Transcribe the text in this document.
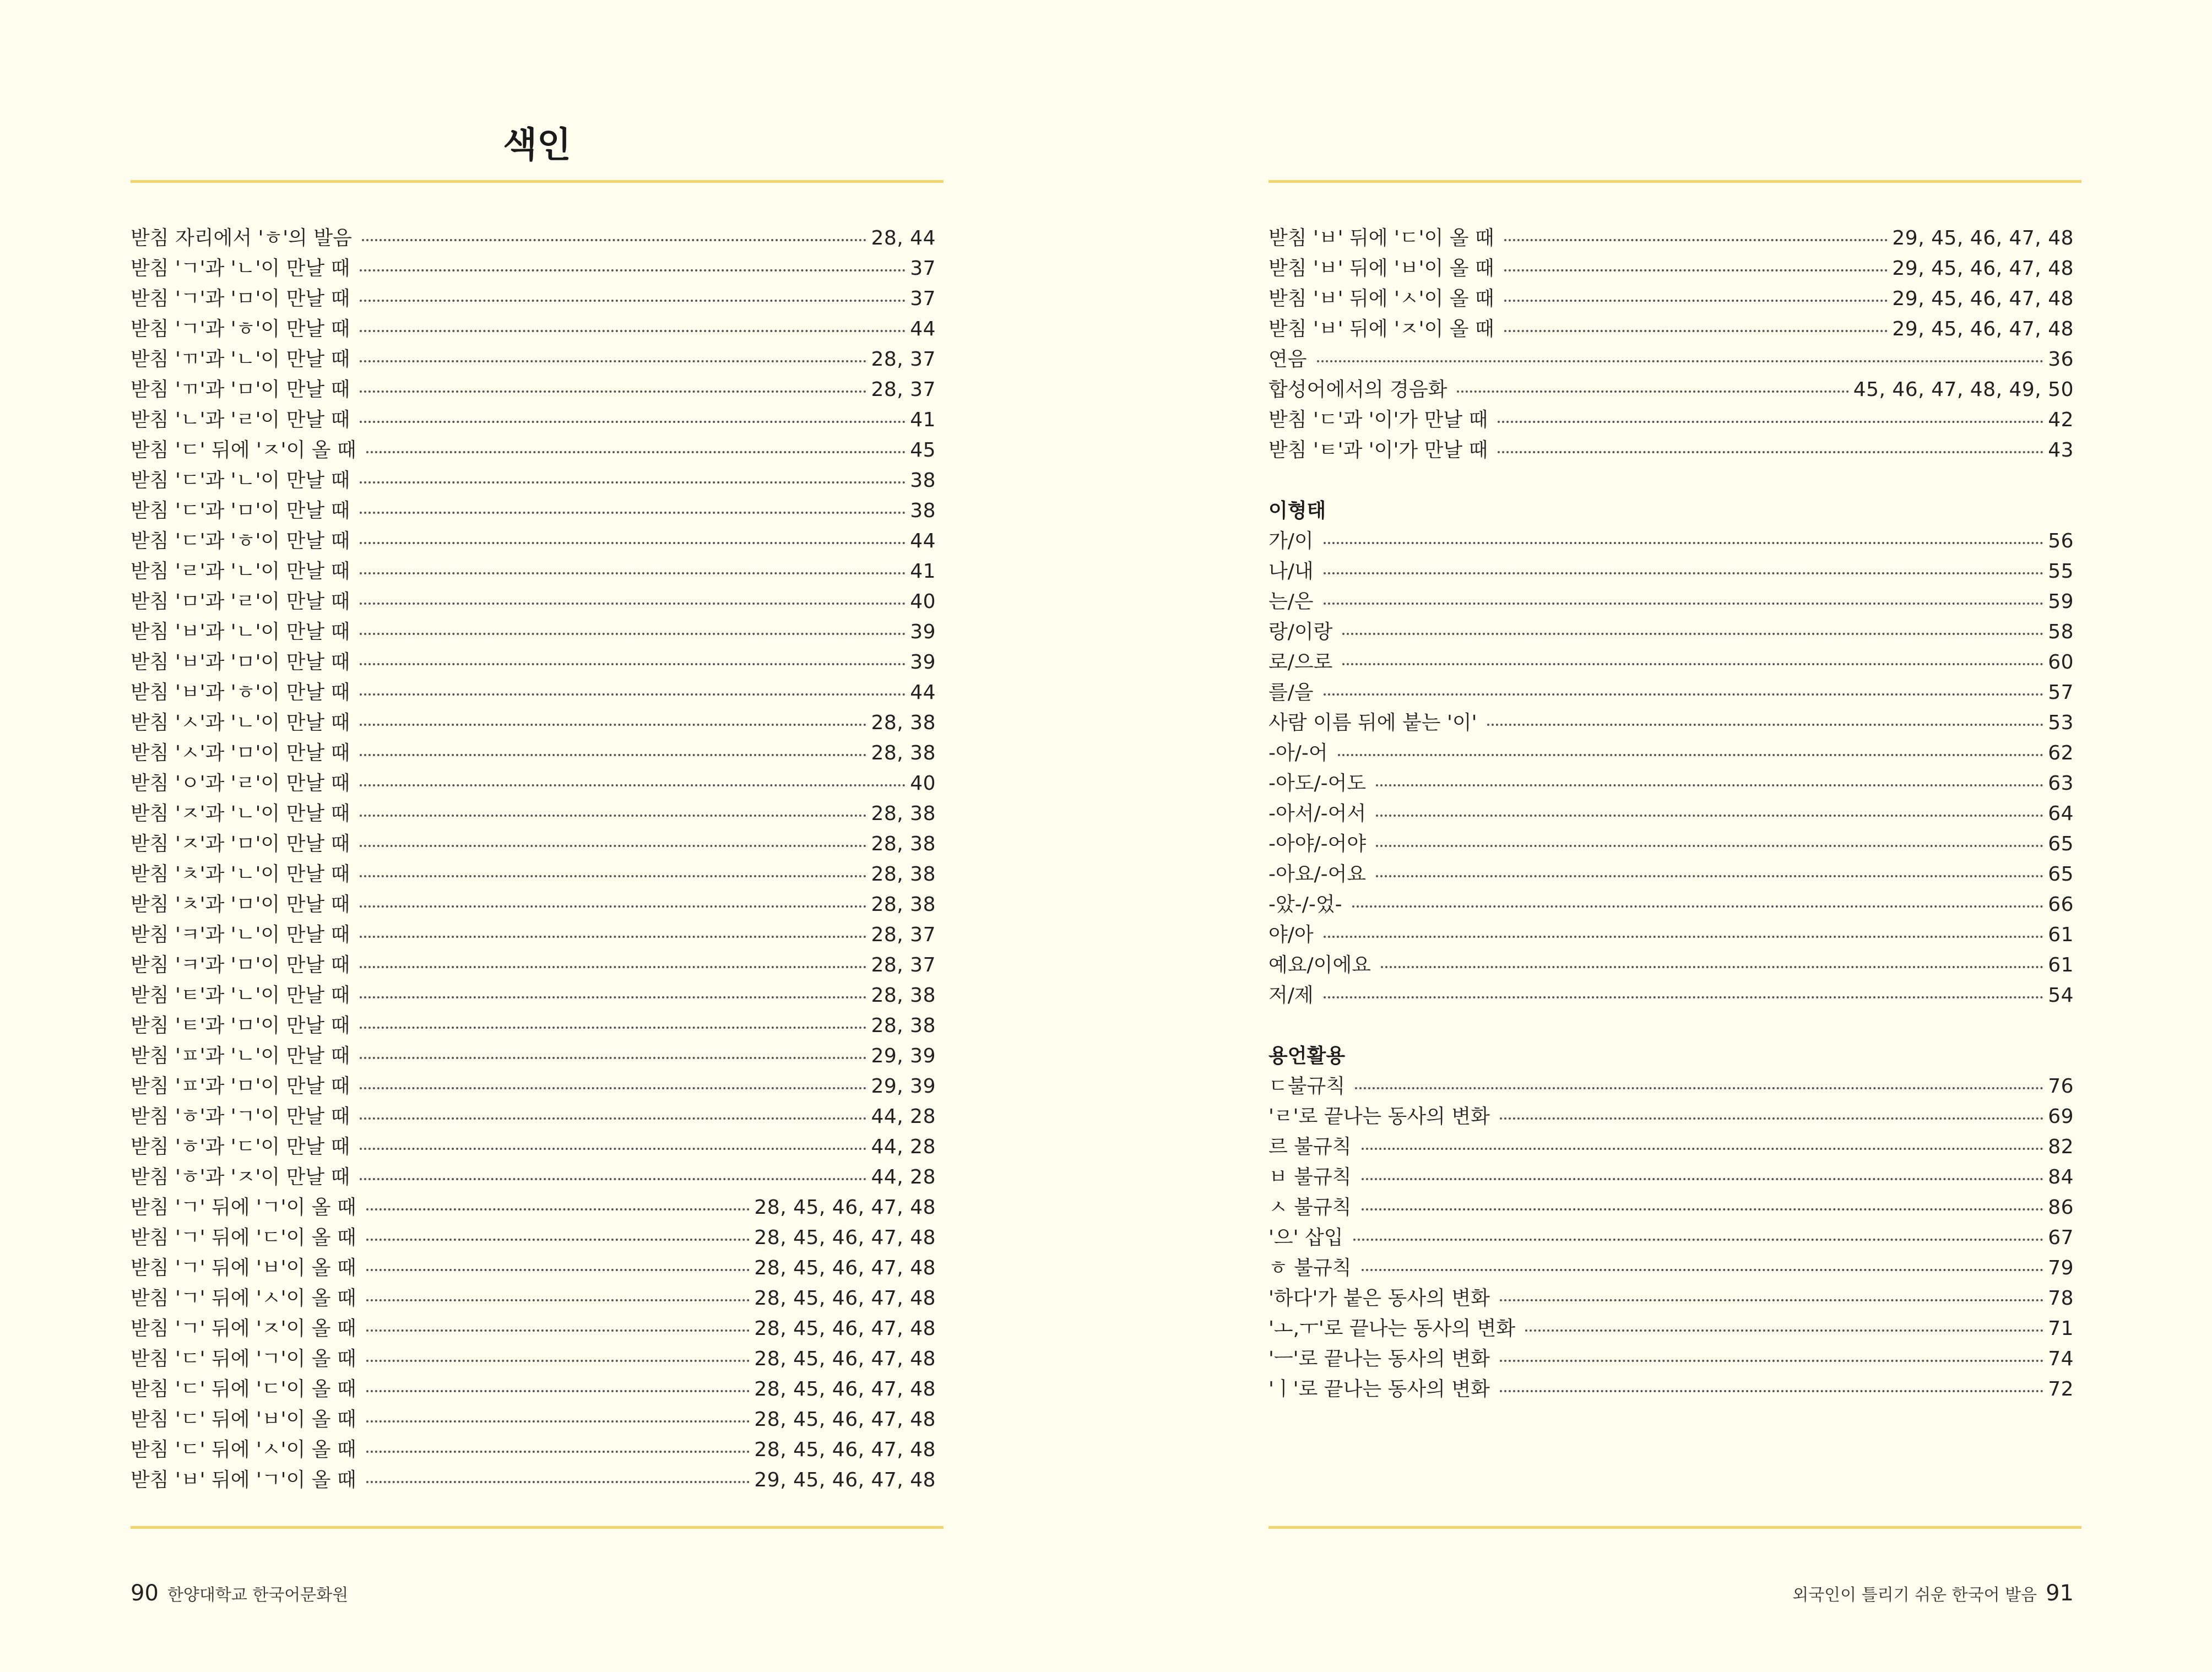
색인
받침 자리에서 'ㅎ'의 발음	28, 44
받침 'ㄱ'과 'ㄴ'이 만날 때	37
받침 'ㄱ'과 'ㅁ'이 만날 때	37
받침 'ㄱ'과 'ㅎ'이 만날 때	44
받침 'ㄲ'과 'ㄴ'이 만날 때	28, 37
받침 'ㄲ'과 'ㅁ'이 만날 때	28, 37
받침 'ㄴ'과 'ㄹ'이 만날 때	41
받침 'ㄷ' 뒤에 'ㅈ'이 올 때	45
받침 'ㄷ'과 'ㄴ'이 만날 때	38
받침 'ㄷ'과 'ㅁ'이 만날 때	38
받침 'ㄷ'과 'ㅎ'이 만날 때	44
받침 'ㄹ'과 'ㄴ'이 만날 때	41
받침 'ㅁ'과 'ㄹ'이 만날 때	40
받침 'ㅂ'과 'ㄴ'이 만날 때	39
받침 'ㅂ'과 'ㅁ'이 만날 때	39
받침 'ㅂ'과 'ㅎ'이 만날 때	44
받침 'ㅅ'과 'ㄴ'이 만날 때	28, 38
받침 'ㅅ'과 'ㅁ'이 만날 때	28, 38
받침 'ㅇ'과 'ㄹ'이 만날 때	40
받침 'ㅈ'과 'ㄴ'이 만날 때	28, 38
받침 'ㅈ'과 'ㅁ'이 만날 때	28, 38
받침 'ㅊ'과 'ㄴ'이 만날 때	28, 38
받침 'ㅊ'과 'ㅁ'이 만날 때	28, 38
받침 'ㅋ'과 'ㄴ'이 만날 때	28, 37
받침 'ㅋ'과 'ㅁ'이 만날 때	28, 37
받침 'ㅌ'과 'ㄴ'이 만날 때	28, 38
받침 'ㅌ'과 'ㅁ'이 만날 때	28, 38
받침 'ㅍ'과 'ㄴ'이 만날 때	29, 39
받침 'ㅍ'과 'ㅁ'이 만날 때	29, 39
받침 'ㅎ'과 'ㄱ'이 만날 때	44, 28
받침 'ㅎ'과 'ㄷ'이 만날 때	44, 28
받침 'ㅎ'과 'ㅈ'이 만날 때	44, 28
받침 'ㄱ' 뒤에 'ㄱ'이 올 때	28, 45, 46, 47, 48
받침 'ㄱ' 뒤에 'ㄷ'이 올 때	28, 45, 46, 47, 48
받침 'ㄱ' 뒤에 'ㅂ'이 올 때	28, 45, 46, 47, 48
받침 'ㄱ' 뒤에 'ㅅ'이 올 때	28, 45, 46, 47, 48
받침 'ㄱ' 뒤에 'ㅈ'이 올 때	28, 45, 46, 47, 48
받침 'ㄷ' 뒤에 'ㄱ'이 올 때	28, 45, 46, 47, 48
받침 'ㄷ' 뒤에 'ㄷ'이 올 때	28, 45, 46, 47, 48
받침 'ㄷ' 뒤에 'ㅂ'이 올 때	28, 45, 46, 47, 48
받침 'ㄷ' 뒤에 'ㅅ'이 올 때	28, 45, 46, 47, 48
받침 'ㅂ' 뒤에 'ㄱ'이 올 때	29, 45, 46, 47, 48
90 한양대학교 한국어문화원
받침 'ㅂ' 뒤에 'ㄷ'이 올 때	29, 45, 46, 47, 48
받침 'ㅂ' 뒤에 'ㅂ'이 올 때	29, 45, 46, 47, 48
받침 'ㅂ' 뒤에 'ㅅ'이 올 때	29, 45, 46, 47, 48
받침 'ㅂ' 뒤에 'ㅈ'이 올 때	29, 45, 46, 47, 48
연음	36
합성어에서의 경음화	45, 46, 47, 48, 49, 50
받침 'ㄷ'과 '이'가 만날 때	42
받침 'ㅌ'과 '이'가 만날 때	43
이형태
가/이	56
나/내	55
는/은	59
랑/이랑	58
로/으로	60
를/을	57
사람 이름 뒤에 붙는 '이'	53
-아/-어	62
-아도/-어도	63
-아서/-어서	64
-아야/-어야	65
-아요/-어요	65
-았-/-었-	66
야/아	61
예요/이에요	61
저/제	54
용언활용
ㄷ불규칙	76
'ㄹ'로 끝나는 동사의 변화	69
르 불규칙	82
ㅂ 불규칙	84
ㅅ 불규칙	86
'으' 삽입	67
ㅎ 불규칙	79
'하다'가 붙은 동사의 변화	78
'ㅗ,ㅜ'로 끝나는 동사의 변화	71
'ㅡ'로 끝나는 동사의 변화	74
'ㅣ'로 끝나는 동사의 변화	72
외국인이 틀리기 쉬운 한국어 발음 91
